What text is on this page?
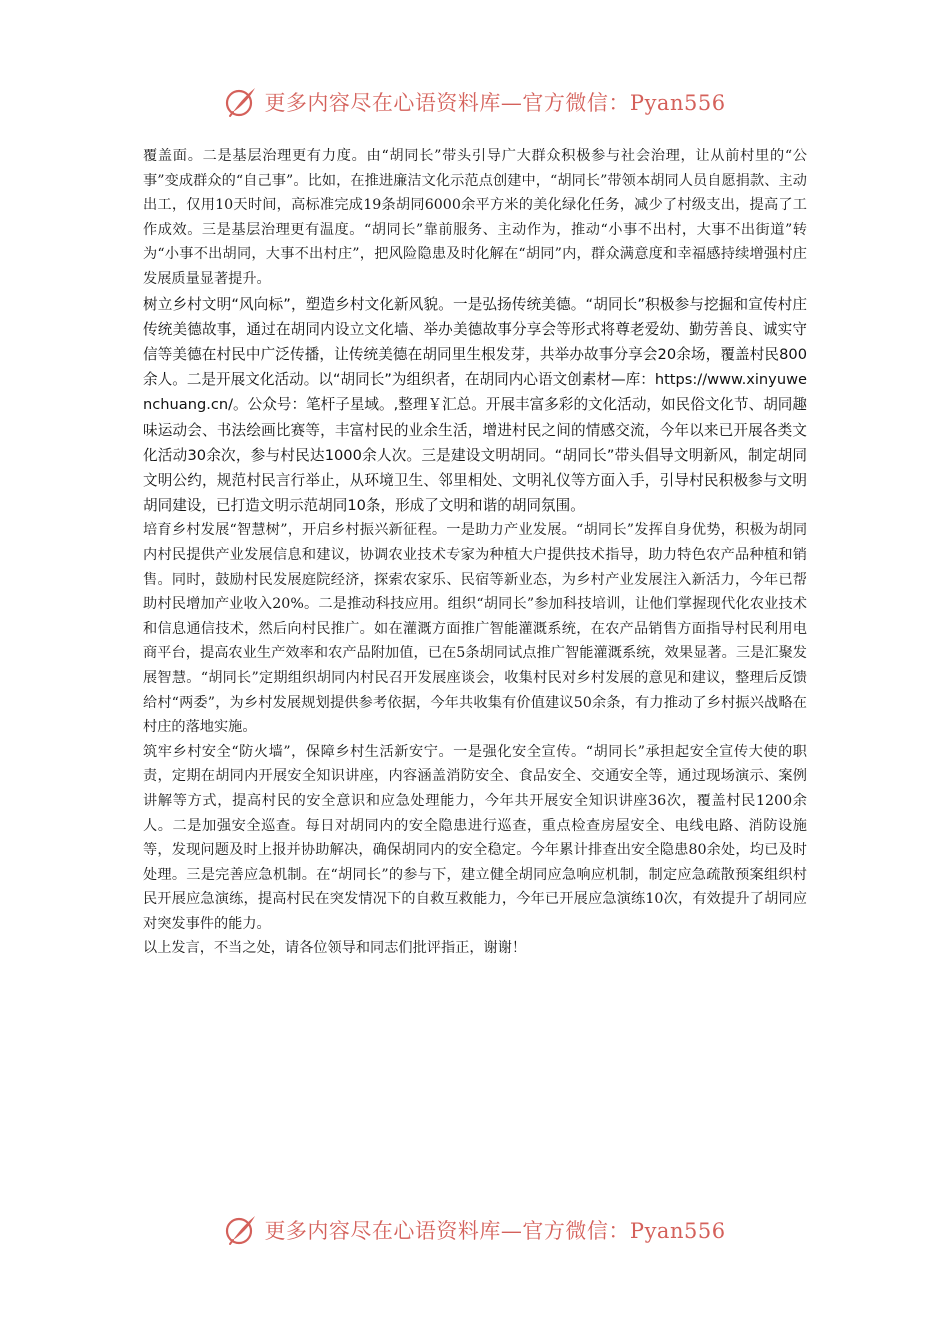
更多内容尽在心语资料库—官方微信：Pyan556

覆盖面。二是基层治理更有力度。由“胡同长”带头引导广大群众积极参与社会治理，让从前村里的“公事”变成群众的“自己事”。比如，在推进廉洁文化示范点创建中，“胡同长”带领本胡同人员自愿捐款、主动出工，仅用10天时间，高标准完成19条胡同6000余平方米的美化绿化任务，减少了村级支出，提高了工作成效。三是基层治理更有温度。“胡同长”靠前服务、主动作为，推动“小事不出村，大事不出街道”转为“小事不出胡同，大事不出村庄”，把风险隐患及时化解在“胡同”内，群众满意度和幸福感持续增强村庄发展质量显著提升。

树立乡村文明“风向标”，塑造乡村文化新风貌。一是弘扬传统美德。“胡同长”积极参与挖掘和宣传村庄传统美德故事，通过在胡同内设立文化墙、举办美德故事分享会等形式将尊老爱幼、勤劳善良、诚实守信等美德在村民中广泛传播，让传统美德在胡同里生根发芽，共举办故事分享会20余场，覆盖村民800余人。二是开展文化活动。以“胡同长”为组织者，在胡同内心语文创素材—库：https://www.xinyuwenchuang.cn/。公众号：笔杆子星域。,整理￥汇总。开展丰富多彩的文化活动，如民俗文化节、胡同趣味运动会、书法绘画比赛等，丰富村民的业余生活，增进村民之间的情感交流，今年以来已开展各类文化活动30余次，参与村民达1000余人次。三是建设文明胡同。“胡同长”带头倡导文明新风，制定胡同文明公约，规范村民言行举止，从环境卫生、邻里相处、文明礼仪等方面入手，引导村民积极参与文明胡同建设，已打造文明示范胡同10条，形成了文明和谐的胡同氛围。

培育乡村发展“智慧树”，开启乡村振兴新征程。一是助力产业发展。“胡同长”发挥自身优势，积极为胡同内村民提供产业发展信息和建议，协调农业技术专家为种植大户提供技术指导，助力特色农产品种植和销售。同时，鼓励村民发展庭院经济，探索农家乐、民宿等新业态，为乡村产业发展注入新活力，今年已帮助村民增加产业收入20%。二是推动科技应用。组织“胡同长”参加科技培训，让他们掌握现代化农业技术和信息通信技术，然后向村民推广。如在灌溉方面推广智能灌溉系统，在农产品销售方面指导村民利用电商平台，提高农业生产效率和农产品附加值，已在5条胡同试点推广智能灌溉系统，效果显著。三是汇聚发展智慧。“胡同长”定期组织胡同内村民召开发展座谈会，收集村民对乡村发展的意见和建议，整理后反馈给村“两委”，为乡村发展规划提供参考依据，今年共收集有价值建议50余条，有力推动了乡村振兴战略在村庄的落地实施。

筑牢乡村安全“防火墙”，保障乡村生活新安宁。一是强化安全宣传。“胡同长”承担起安全宣传大使的职责，定期在胡同内开展安全知识讲座，内容涵盖消防安全、食品安全、交通安全等，通过现场演示、案例讲解等方式，提高村民的安全意识和应急处理能力，今年共开展安全知识讲座36次，覆盖村民1200余人。二是加强安全巡查。每日对胡同内的安全隐患进行巡查，重点检查房屋安全、电线电路、消防设施等，发现问题及时上报并协助解决，确保胡同内的安全稳定。今年累计排查出安全隐患80余处，均已及时处理。三是完善应急机制。在“胡同长”的参与下，建立健全胡同应急响应机制，制定应急疏散预案组织村民开展应急演练，提高村民在突发情况下的自救互救能力，今年已开展应急演练10次，有效提升了胡同应对突发事件的能力。

以上发言，不当之处，请各位领导和同志们批评指正，谢谢！

更多内容尽在心语资料库—官方微信：Pyan556
